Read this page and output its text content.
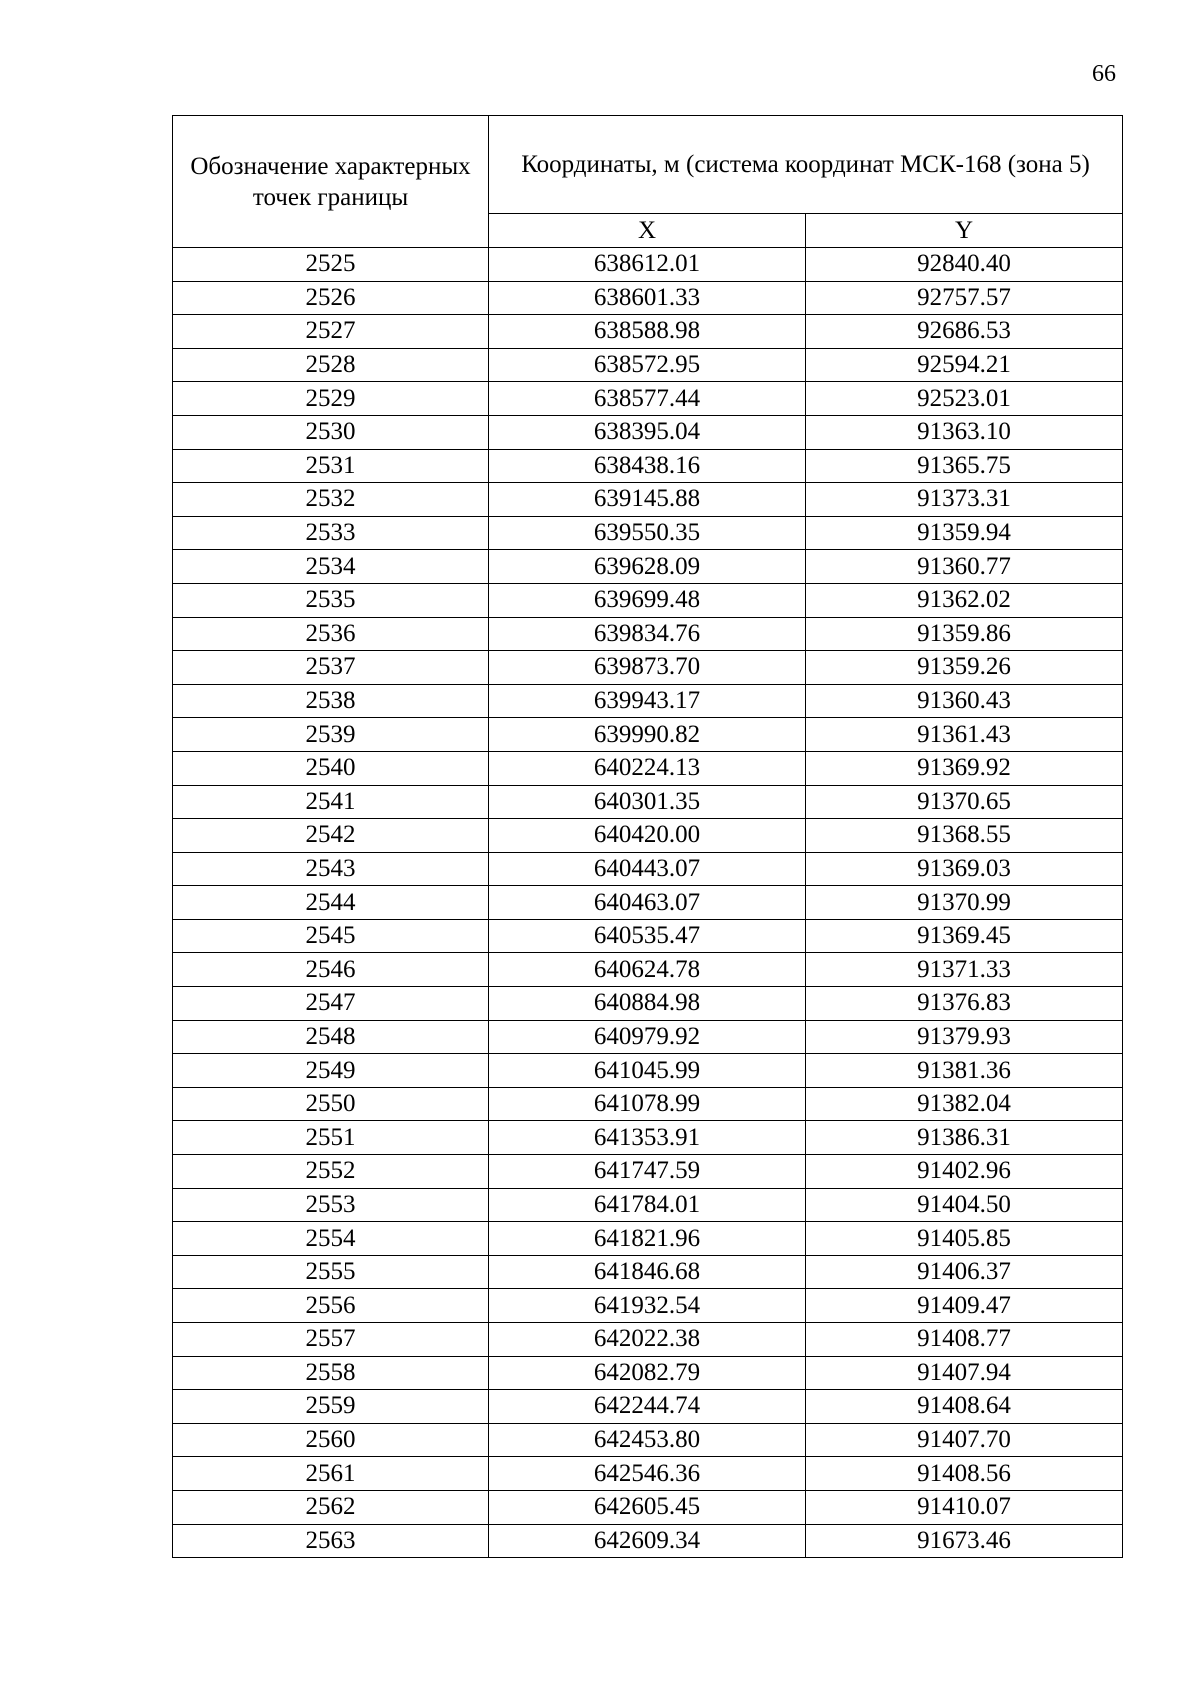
66
Обозначение характерных точек границы	Координаты, м (система координат МСК-168 (зона 5)	
	X	Y
2525	638612.01	92840.40
2526	638601.33	92757.57
2527	638588.98	92686.53
2528	638572.95	92594.21
2529	638577.44	92523.01
2530	638395.04	91363.10
2531	638438.16	91365.75
2532	639145.88	91373.31
2533	639550.35	91359.94
2534	639628.09	91360.77
2535	639699.48	91362.02
2536	639834.76	91359.86
2537	639873.70	91359.26
2538	639943.17	91360.43
2539	639990.82	91361.43
2540	640224.13	91369.92
2541	640301.35	91370.65
2542	640420.00	91368.55
2543	640443.07	91369.03
2544	640463.07	91370.99
2545	640535.47	91369.45
2546	640624.78	91371.33
2547	640884.98	91376.83
2548	640979.92	91379.93
2549	641045.99	91381.36
2550	641078.99	91382.04
2551	641353.91	91386.31
2552	641747.59	91402.96
2553	641784.01	91404.50
2554	641821.96	91405.85
2555	641846.68	91406.37
2556	641932.54	91409.47
2557	642022.38	91408.77
2558	642082.79	91407.94
2559	642244.74	91408.64
2560	642453.80	91407.70
2561	642546.36	91408.56
2562	642605.45	91410.07
2563	642609.34	91673.46
